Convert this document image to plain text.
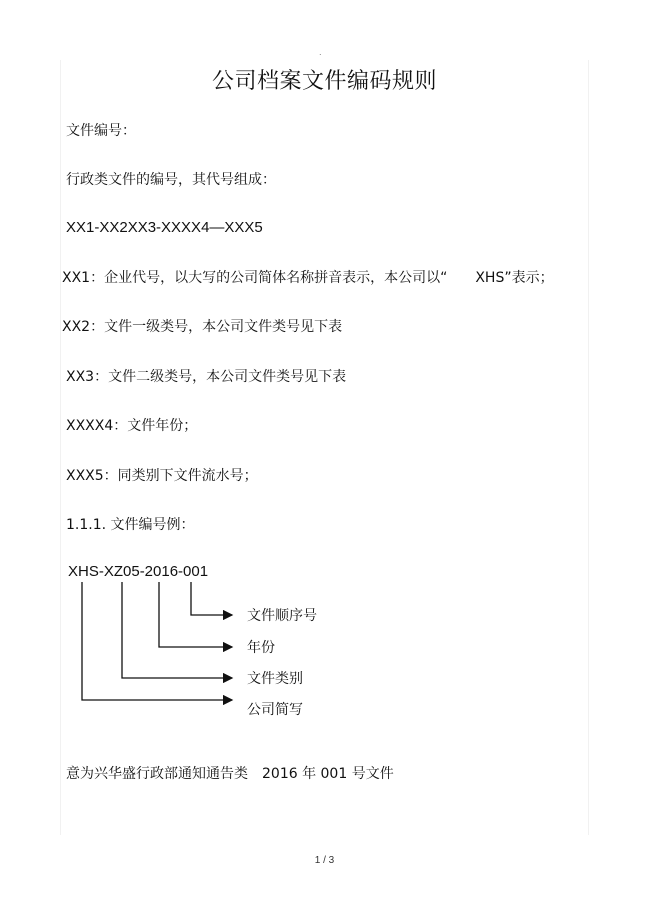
.
公司档案文件编码规则
文件编号：
行政类文件的编号，其代号组成：
XX1-XX2XX3-XXXX4—XXX5
XX1：企业代号，以大写的公司简体名称拼音表示，本公司以“　　XHS”表示；
XX2：文件一级类号，本公司文件类号见下表
XX3：文件二级类号，本公司文件类号见下表
XXXX4：文件年份；
XXX5：同类别下文件流水号；
1.1.1. 文件编号例：
XHS-XZ05-2016-001
文件顺序号
年份
文件类别
公司简写
意为兴华盛行政部通知通告类　2016 年 001 号文件
1 / 3
